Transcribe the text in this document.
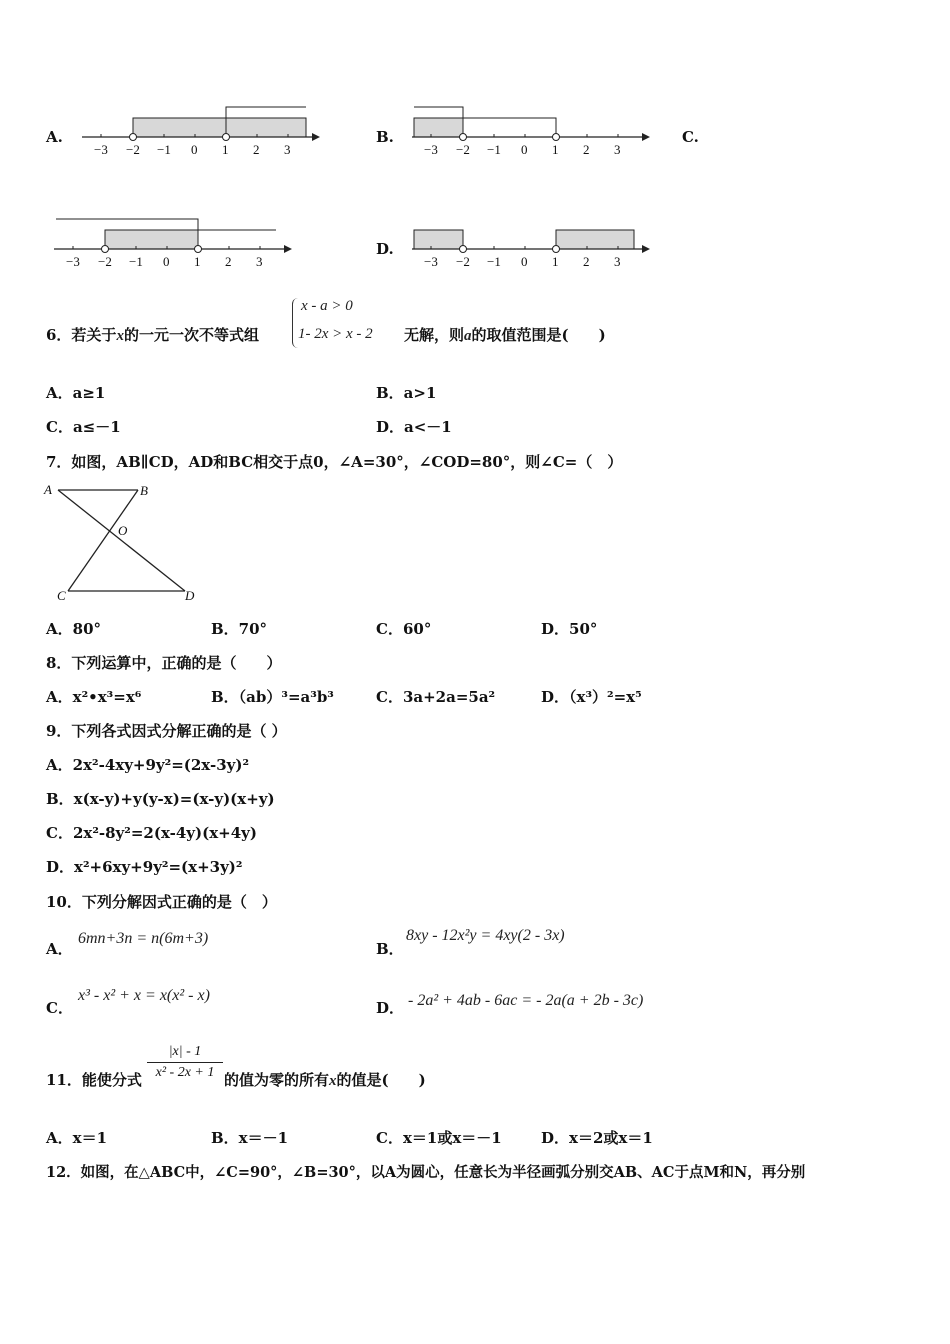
A.
−3 −2 −1 0 1 2 3
B.
−3 −2 −1 0 1 2 3
C.
−3 −2 −1 0 1 2 3
D.
−3 −2 −1 0 1 2 3
6．若关于x的一元一次不等式组
x - a > 0
1- 2x > x - 2 无解，则a的取值范围是(　　)
A．a≥1	B．a>1
C．a≤－1	D．a<－1
7．如图，AB∥CD，AD和BC相交于点0，∠A=30°，∠COD=80°，则∠C=（　）
A	B
O
C	D
A．80°	B．70°	C．60°	D．50°
8．下列运算中，正确的是（　　）
A．x²•x³=x⁶	B．（ab）³=a³b³	C．3a+2a=5a²	D．（x³）²=x⁵
9．下列各式因式分解正确的是（ ）
A．2x²-4xy+9y²=(2x-3y)²
B．x(x-y)+y(y-x)=(x-y)(x+y)
C．2x²-8y²=2(x-4y)(x+4y)
D．x²+6xy+9y²=(x+3y)²
10．下列分解因式正确的是（　）
A．
6mn+3n = n(6m+3)
B．
8xy - 12x²y = 4xy(2 - 3x)
C．
x³ - x² + x = x(x² - x)
D． - 2a² + 4ab - 6ac = - 2a(a + 2b - 3c)
11．能使分式 $\frac{|x| - 1}{\text{x² - 2x + 1}}$ 的值为零的所有x的值是(　　)
A．x＝1	B．x＝－1	C．x＝1或x＝－1	D．x＝2或x＝1
12．如图，在△ABC中，∠C=90°，∠B=30°，以A为圆心，任意长为半径画弧分别交AB、AC于点M和N，再分别
